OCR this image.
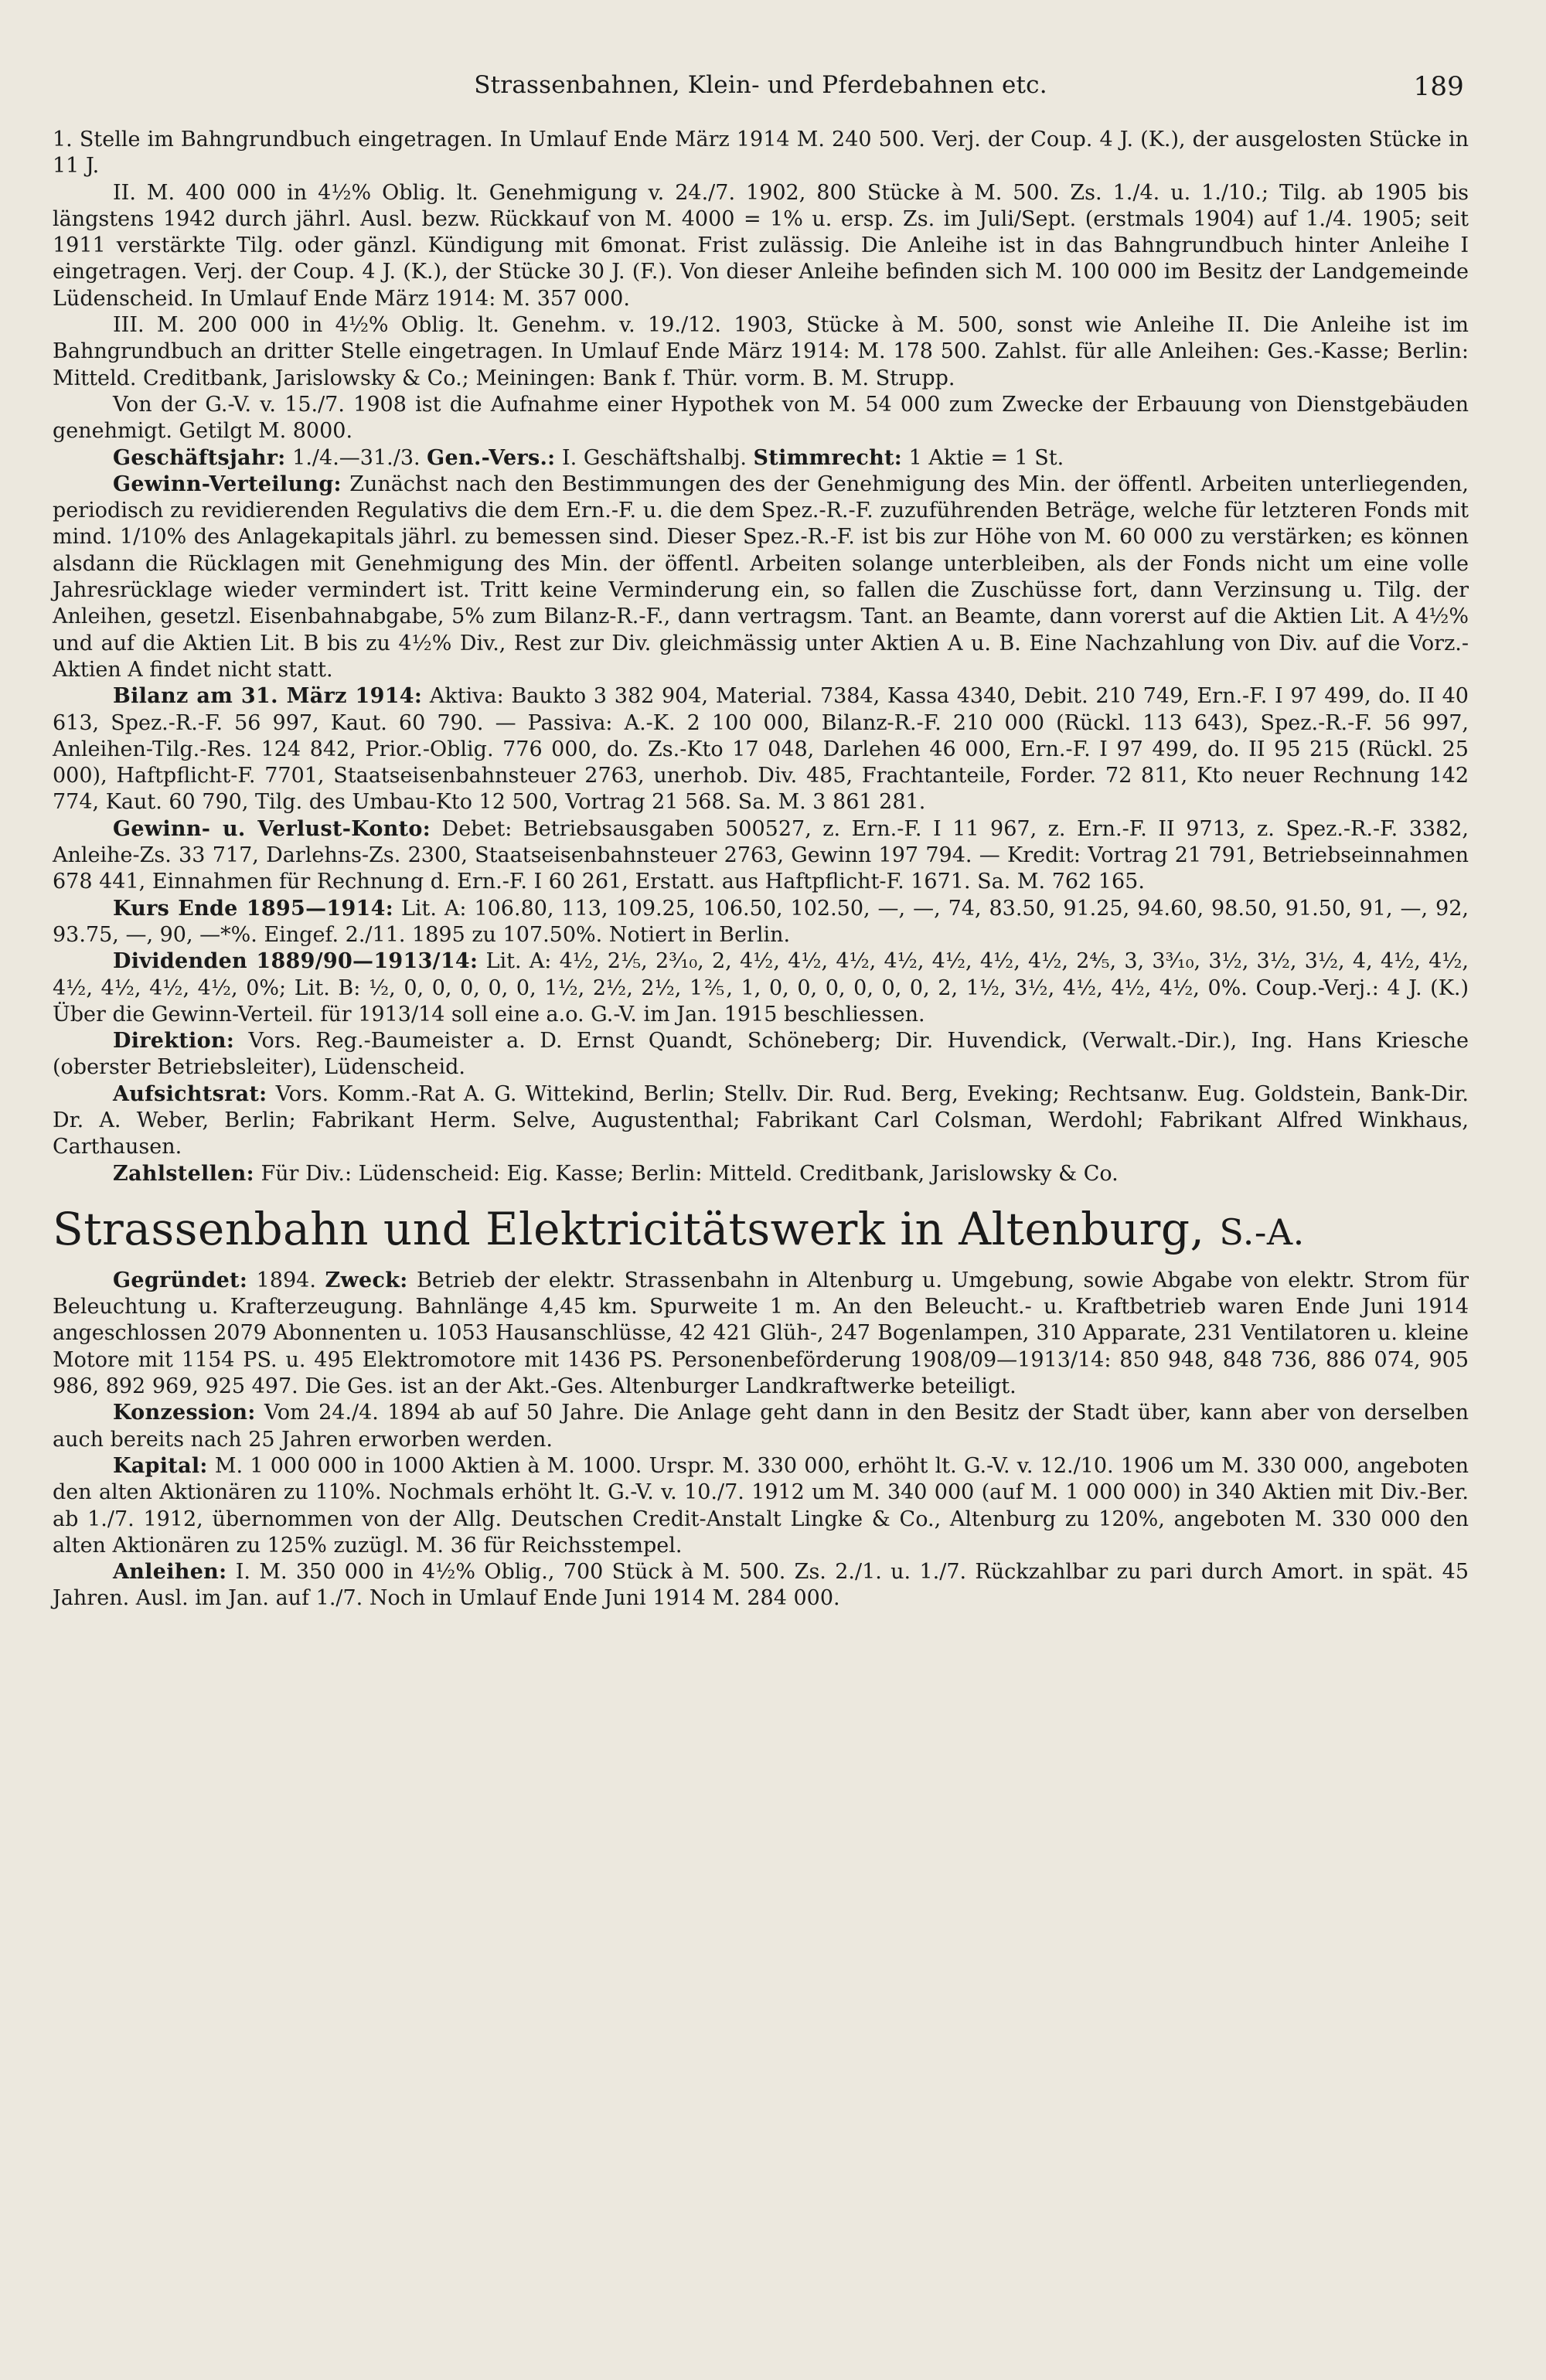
Strassenbahnen, Klein- und Pferdebahnen etc.	189

1. Stelle im Bahngrundbuch eingetragen. In Umlauf Ende März 1914 M. 240 500. Verj. der Coup. 4 J. (K.), der ausgelosten Stücke in 11 J.

II. M. 400 000 in 4½% Oblig. lt. Genehmigung v. 24./7. 1902, 800 Stücke à M. 500. Zs. 1./4. u. 1./10.; Tilg. ab 1905 bis längstens 1942 durch jährl. Ausl. bezw. Rückkauf von M. 4000 = 1% u. ersp. Zs. im Juli/Sept. (erstmals 1904) auf 1./4. 1905; seit 1911 verstärkte Tilg. oder gänzl. Kündigung mit 6monat. Frist zulässig. Die Anleihe ist in das Bahngrundbuch hinter Anleihe I eingetragen. Verj. der Coup. 4 J. (K.), der Stücke 30 J. (F.). Von dieser Anleihe befinden sich M. 100 000 im Besitz der Landgemeinde Lüdenscheid. In Umlauf Ende März 1914: M. 357 000.

III. M. 200 000 in 4½% Oblig. lt. Genehm. v. 19./12. 1903, Stücke à M. 500, sonst wie Anleihe II. Die Anleihe ist im Bahngrundbuch an dritter Stelle eingetragen. In Umlauf Ende März 1914: M. 178 500. Zahlst. für alle Anleihen: Ges.-Kasse; Berlin: Mitteld. Creditbank, Jarislowsky & Co.; Meiningen: Bank f. Thür. vorm. B. M. Strupp.

Von der G.-V. v. 15./7. 1908 ist die Aufnahme einer Hypothek von M. 54 000 zum Zwecke der Erbauung von Dienstgebäuden genehmigt. Getilgt M. 8000.

Geschäftsjahr: 1./4.—31./3. Gen.-Vers.: I. Geschäftshalbj. Stimmrecht: 1 Aktie = 1 St.

Gewinn-Verteilung: Zunächst nach den Bestimmungen des der Genehmigung des Min. der öffentl. Arbeiten unterliegenden, periodisch zu revidierenden Regulativs die dem Ern.-F. u. die dem Spez.-R.-F. zuzuführenden Beträge, welche für letzteren Fonds mit mind. 1/10% des Anlagekapitals jährl. zu bemessen sind. Dieser Spez.-R.-F. ist bis zur Höhe von M. 60 000 zu verstärken; es können alsdann die Rücklagen mit Genehmigung des Min. der öffentl. Arbeiten solange unterbleiben, als der Fonds nicht um eine volle Jahresrücklage wieder vermindert ist. Tritt keine Verminderung ein, so fallen die Zuschüsse fort, dann Verzinsung u. Tilg. der Anleihen, gesetzl. Eisenbahnabgabe, 5% zum Bilanz-R.-F., dann vertragsm. Tant. an Beamte, dann vorerst auf die Aktien Lit. A 4½% und auf die Aktien Lit. B bis zu 4½% Div., Rest zur Div. gleichmässig unter Aktien A u. B. Eine Nachzahlung von Div. auf die Vorz.-Aktien A findet nicht statt.

Bilanz am 31. März 1914: Aktiva: Baukto 3 382 904, Material. 7384, Kassa 4340, Debit. 210 749, Ern.-F. I 97 499, do. II 40 613, Spez.-R.-F. 56 997, Kaut. 60 790. — Passiva: A.-K. 2 100 000, Bilanz-R.-F. 210 000 (Rückl. 113 643), Spez.-R.-F. 56 997, Anleihen-Tilg.-Res. 124 842, Prior.-Oblig. 776 000, do. Zs.-Kto 17 048, Darlehen 46 000, Ern.-F. I 97 499, do. II 95 215 (Rückl. 25 000), Haftpflicht-F. 7701, Staatseisenbahnsteuer 2763, unerhob. Div. 485, Frachtanteile, Forder. 72 811, Kto neuer Rechnung 142 774, Kaut. 60 790, Tilg. des Umbau-Kto 12 500, Vortrag 21 568. Sa. M. 3 861 281.

Gewinn- u. Verlust-Konto: Debet: Betriebsausgaben 500527, z. Ern.-F. I 11 967, z. Ern.-F. II 9713, z. Spez.-R.-F. 3382, Anleihe-Zs. 33 717, Darlehns-Zs. 2300, Staatseisenbahnsteuer 2763, Gewinn 197 794. — Kredit: Vortrag 21 791, Betriebseinnahmen 678 441, Einnahmen für Rechnung d. Ern.-F. I 60 261, Erstatt. aus Haftpflicht-F. 1671. Sa. M. 762 165.

Kurs Ende 1895—1914: Lit. A: 106.80, 113, 109.25, 106.50, 102.50, —, —, 74, 83.50, 91.25, 94.60, 98.50, 91.50, 91, —, 92, 93.75, —, 90, —*%. Eingef. 2./11. 1895 zu 107.50%. Notiert in Berlin.

Dividenden 1889/90—1913/14: Lit. A: 4½, 2⅕, 2³⁄₁₀, 2, 4½, 4½, 4½, 4½, 4½, 4½, 4½, 2⁴⁄₅, 3, 3³⁄₁₀, 3½, 3½, 3½, 4, 4½, 4½, 4½, 4½, 4½, 4½, 0%; Lit. B: ½, 0, 0, 0, 0, 0, 1½, 2½, 2½, 1⅖, 1, 0, 0, 0, 0, 0, 0, 2, 1½, 3½, 4½, 4½, 4½, 0%. Coup.-Verj.: 4 J. (K.) Über die Gewinn-Verteil. für 1913/14 soll eine a.o. G.-V. im Jan. 1915 beschliessen.

Direktion: Vors. Reg.-Baumeister a. D. Ernst Quandt, Schöneberg; Dir. Huvendick, (Verwalt.-Dir.), Ing. Hans Kriesche (oberster Betriebsleiter), Lüdenscheid.

Aufsichtsrat: Vors. Komm.-Rat A. G. Wittekind, Berlin; Stellv. Dir. Rud. Berg, Eveking; Rechtsanw. Eug. Goldstein, Bank-Dir. Dr. A. Weber, Berlin; Fabrikant Herm. Selve, Augustenthal; Fabrikant Carl Colsman, Werdohl; Fabrikant Alfred Winkhaus, Carthausen.

Zahlstellen: Für Div.: Lüdenscheid: Eig. Kasse; Berlin: Mitteld. Creditbank, Jarislowsky & Co.

Strassenbahn und Elektricitätswerk in Altenburg, S.-A.

Gegründet: 1894. Zweck: Betrieb der elektr. Strassenbahn in Altenburg u. Umgebung, sowie Abgabe von elektr. Strom für Beleuchtung u. Krafterzeugung. Bahnlänge 4,45 km. Spurweite 1 m. An den Beleucht.- u. Kraftbetrieb waren Ende Juni 1914 angeschlossen 2079 Abonnenten u. 1053 Hausanschlüsse, 42 421 Glüh-, 247 Bogenlampen, 310 Apparate, 231 Ventilatoren u. kleine Motore mit 1154 PS. u. 495 Elektromotore mit 1436 PS. Personenbeförderung 1908/09—1913/14: 850 948, 848 736, 886 074, 905 986, 892 969, 925 497. Die Ges. ist an der Akt.-Ges. Altenburger Landkraftwerke beteiligt.

Konzession: Vom 24./4. 1894 ab auf 50 Jahre. Die Anlage geht dann in den Besitz der Stadt über, kann aber von derselben auch bereits nach 25 Jahren erworben werden.

Kapital: M. 1 000 000 in 1000 Aktien à M. 1000. Urspr. M. 330 000, erhöht lt. G.-V. v. 12./10. 1906 um M. 330 000, angeboten den alten Aktionären zu 110%. Nochmals erhöht lt. G.-V. v. 10./7. 1912 um M. 340 000 (auf M. 1 000 000) in 340 Aktien mit Div.-Ber. ab 1./7. 1912, übernommen von der Allg. Deutschen Credit-Anstalt Lingke & Co., Altenburg zu 120%, angeboten M. 330 000 den alten Aktionären zu 125% zuzügl. M. 36 für Reichsstempel.

Anleihen: I. M. 350 000 in 4½% Oblig., 700 Stück à M. 500. Zs. 2./1. u. 1./7. Rückzahlbar zu pari durch Amort. in spät. 45 Jahren. Ausl. im Jan. auf 1./7. Noch in Umlauf Ende Juni 1914 M. 284 000.
